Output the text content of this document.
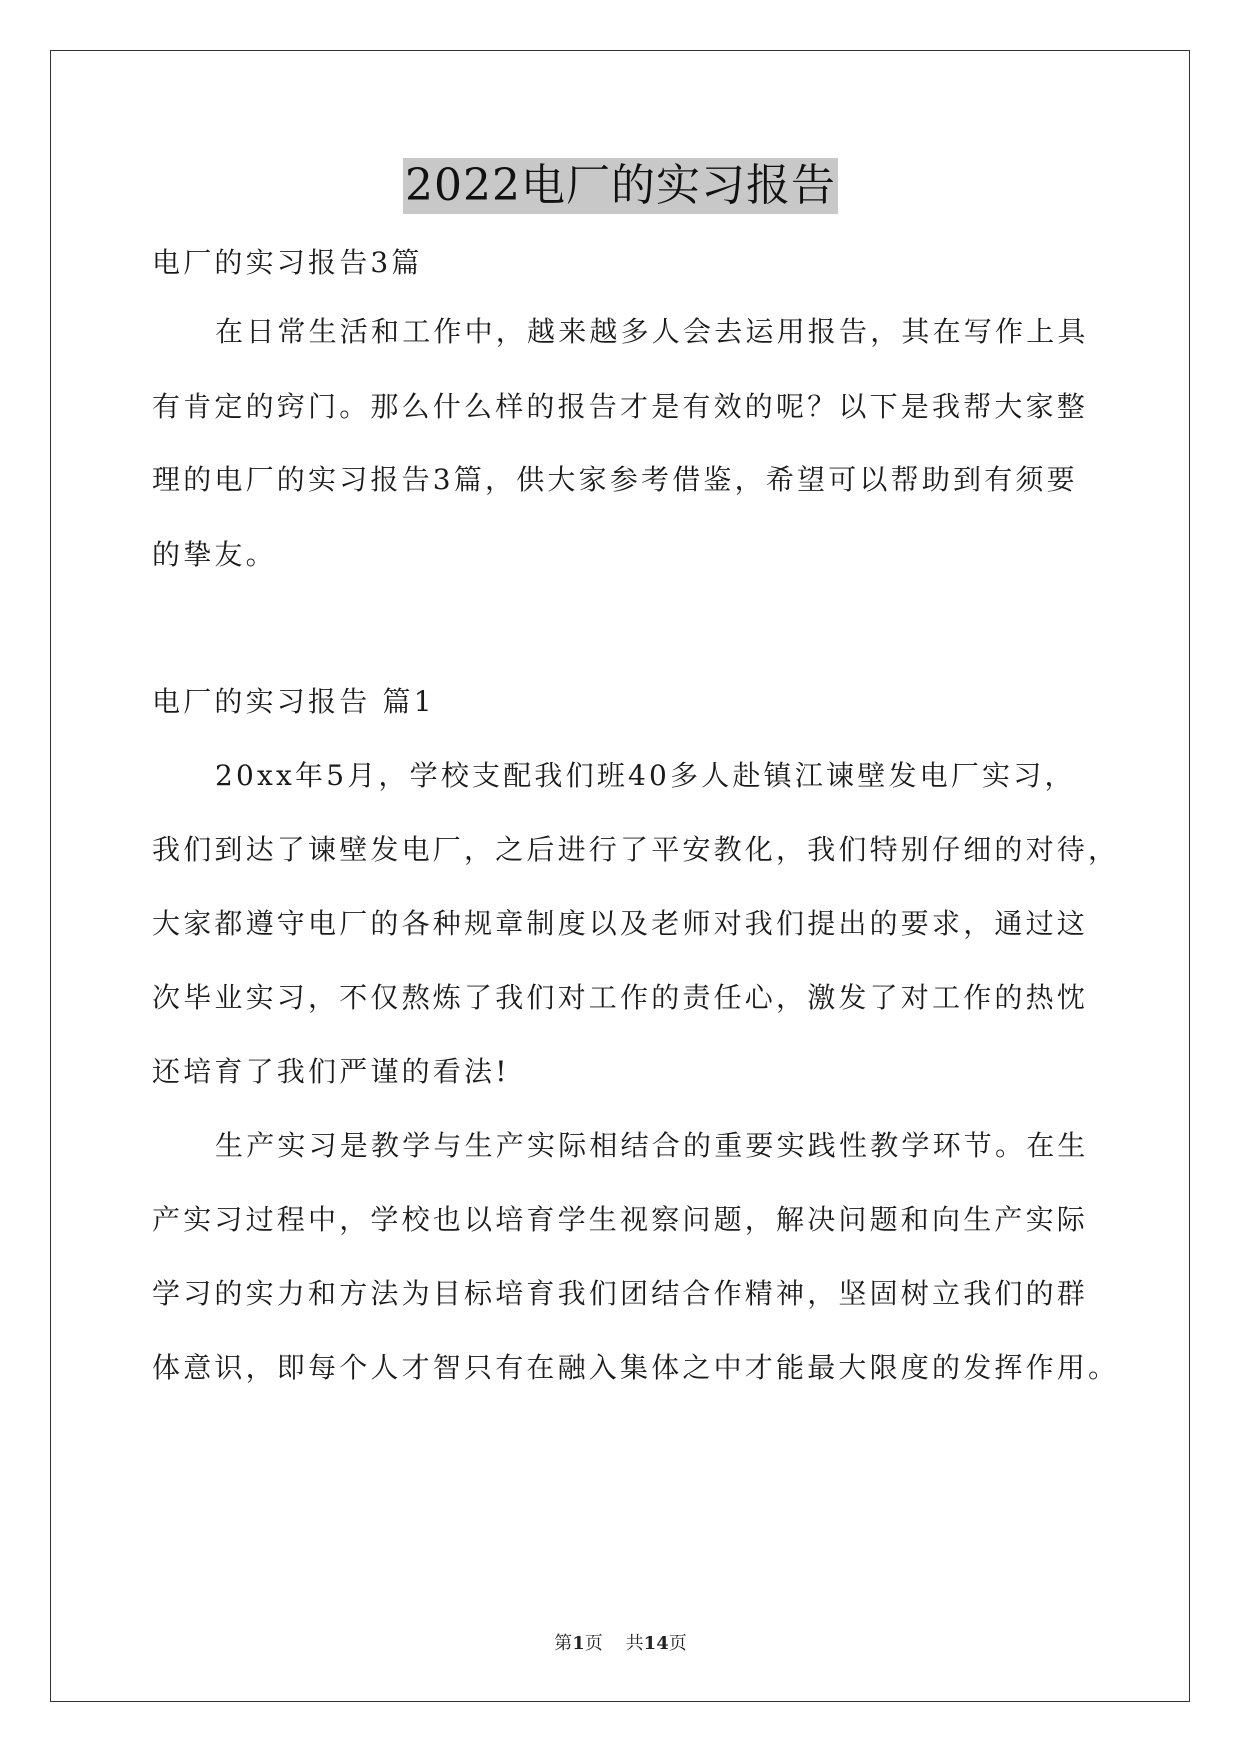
2022电厂的实习报告
电厂的实习报告3篇
在日常生活和工作中，越来越多人会去运用报告，其在写作上具
有肯定的窍门。那么什么样的报告才是有效的呢？以下是我帮大家整
理的电厂的实习报告3篇，供大家参考借鉴，希望可以帮助到有须要
的挚友。
电厂的实习报告 篇1
20xx年5月，学校支配我们班40多人赴镇江谏壁发电厂实习，
我们到达了谏壁发电厂，之后进行了平安教化，我们特别仔细的对待，
大家都遵守电厂的各种规章制度以及老师对我们提出的要求，通过这
次毕业实习，不仅熬炼了我们对工作的责任心，激发了对工作的热忱
还培育了我们严谨的看法!
生产实习是教学与生产实际相结合的重要实践性教学环节。在生
产实习过程中，学校也以培育学生视察问题，解决问题和向生产实际
学习的实力和方法为目标培育我们团结合作精神，坚固树立我们的群
体意识，即每个人才智只有在融入集体之中才能最大限度的发挥作用。
第1页 共14页
